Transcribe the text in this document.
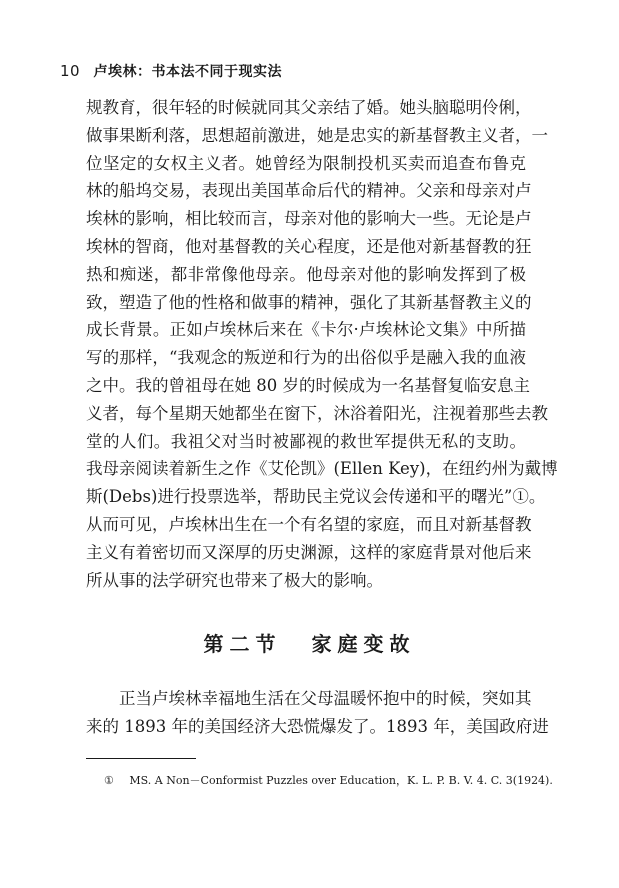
10 卢埃林：书本法不同于现实法
规教育，很年轻的时候就同其父亲结了婚。她头脑聪明伶俐，
做事果断利落，思想超前激进，她是忠实的新基督教主义者，一
位坚定的女权主义者。她曾经为限制投机买卖而追查布鲁克
林的船坞交易，表现出美国革命后代的精神。父亲和母亲对卢
埃林的影响，相比较而言，母亲对他的影响大一些。无论是卢
埃林的智商，他对基督教的关心程度，还是他对新基督教的狂
热和痴迷，都非常像他母亲。他母亲对他的影响发挥到了极
致，塑造了他的性格和做事的精神，强化了其新基督教主义的
成长背景。正如卢埃林后来在《卡尔·卢埃林论文集》中所描
写的那样，“我观念的叛逆和行为的出俗似乎是融入我的血液
之中。我的曾祖母在她 80 岁的时候成为一名基督复临安息主
义者，每个星期天她都坐在窗下，沐浴着阳光，注视着那些去教
堂的人们。我祖父对当时被鄙视的救世军提供无私的支助。
我母亲阅读着新生之作《艾伦凯》(Ellen Key)，在纽约州为戴博
斯(Debs)进行投票选举，帮助民主党议会传递和平的曙光”①。
从而可见，卢埃林出生在一个有名望的家庭，而且对新基督教
主义有着密切而又深厚的历史渊源，这样的家庭背景对他后来
所从事的法学研究也带来了极大的影响。
第二节 家庭变故
　　正当卢埃林幸福地生活在父母温暖怀抱中的时候，突如其
来的 1893 年的美国经济大恐慌爆发了。1893 年，美国政府进
① MS. A Non－Conformist Puzzles over Education，K. L. P. B. V. 4. C. 3(1924).
